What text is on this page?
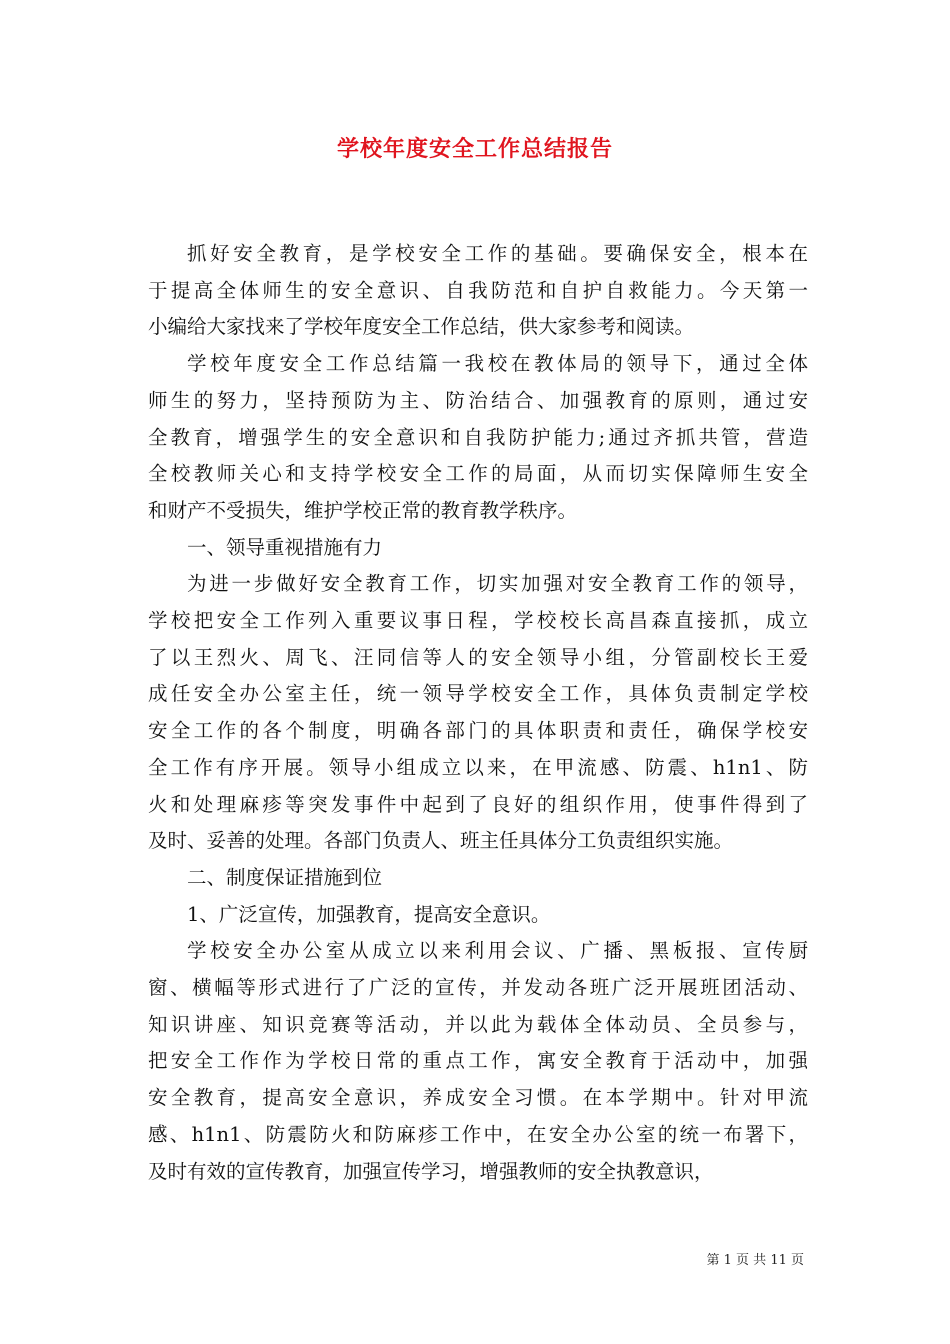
学校年度安全工作总结报告

抓好安全教育，是学校安全工作的基础。要确保安全，根本在
于提高全体师生的安全意识、自我防范和自护自救能力。今天第一
小编给大家找来了学校年度安全工作总结，供大家参考和阅读。

学校年度安全工作总结篇一我校在教体局的领导下，通过全体
师生的努力，坚持预防为主、防治结合、加强教育的原则，通过安
全教育，增强学生的安全意识和自我防护能力;通过齐抓共管，营造
全校教师关心和支持学校安全工作的局面，从而切实保障师生安全
和财产不受损失，维护学校正常的教育教学秩序。

一、领导重视措施有力

为进一步做好安全教育工作，切实加强对安全教育工作的领导，
学校把安全工作列入重要议事日程，学校校长高昌森直接抓，成立
了以王烈火、周飞、汪同信等人的安全领导小组，分管副校长王爱
成任安全办公室主任，统一领导学校安全工作，具体负责制定学校
安全工作的各个制度，明确各部门的具体职责和责任，确保学校安
全工作有序开展。领导小组成立以来，在甲流感、防震、h1n1、防
火和处理麻疹等突发事件中起到了良好的组织作用，使事件得到了
及时、妥善的处理。各部门负责人、班主任具体分工负责组织实施。

二、制度保证措施到位

1、广泛宣传，加强教育，提高安全意识。

学校安全办公室从成立以来利用会议、广播、黑板报、宣传厨
窗、横幅等形式进行了广泛的宣传，并发动各班广泛开展班团活动、
知识讲座、知识竞赛等活动，并以此为载体全体动员、全员参与，
把安全工作作为学校日常的重点工作，寓安全教育于活动中，加强
安全教育，提高安全意识，养成安全习惯。在本学期中。针对甲流
感、h1n1、防震防火和防麻疹工作中，在安全办公室的统一布署下，
及时有效的宣传教育，加强宣传学习，增强教师的安全执教意识，

第 1 页 共 11 页
